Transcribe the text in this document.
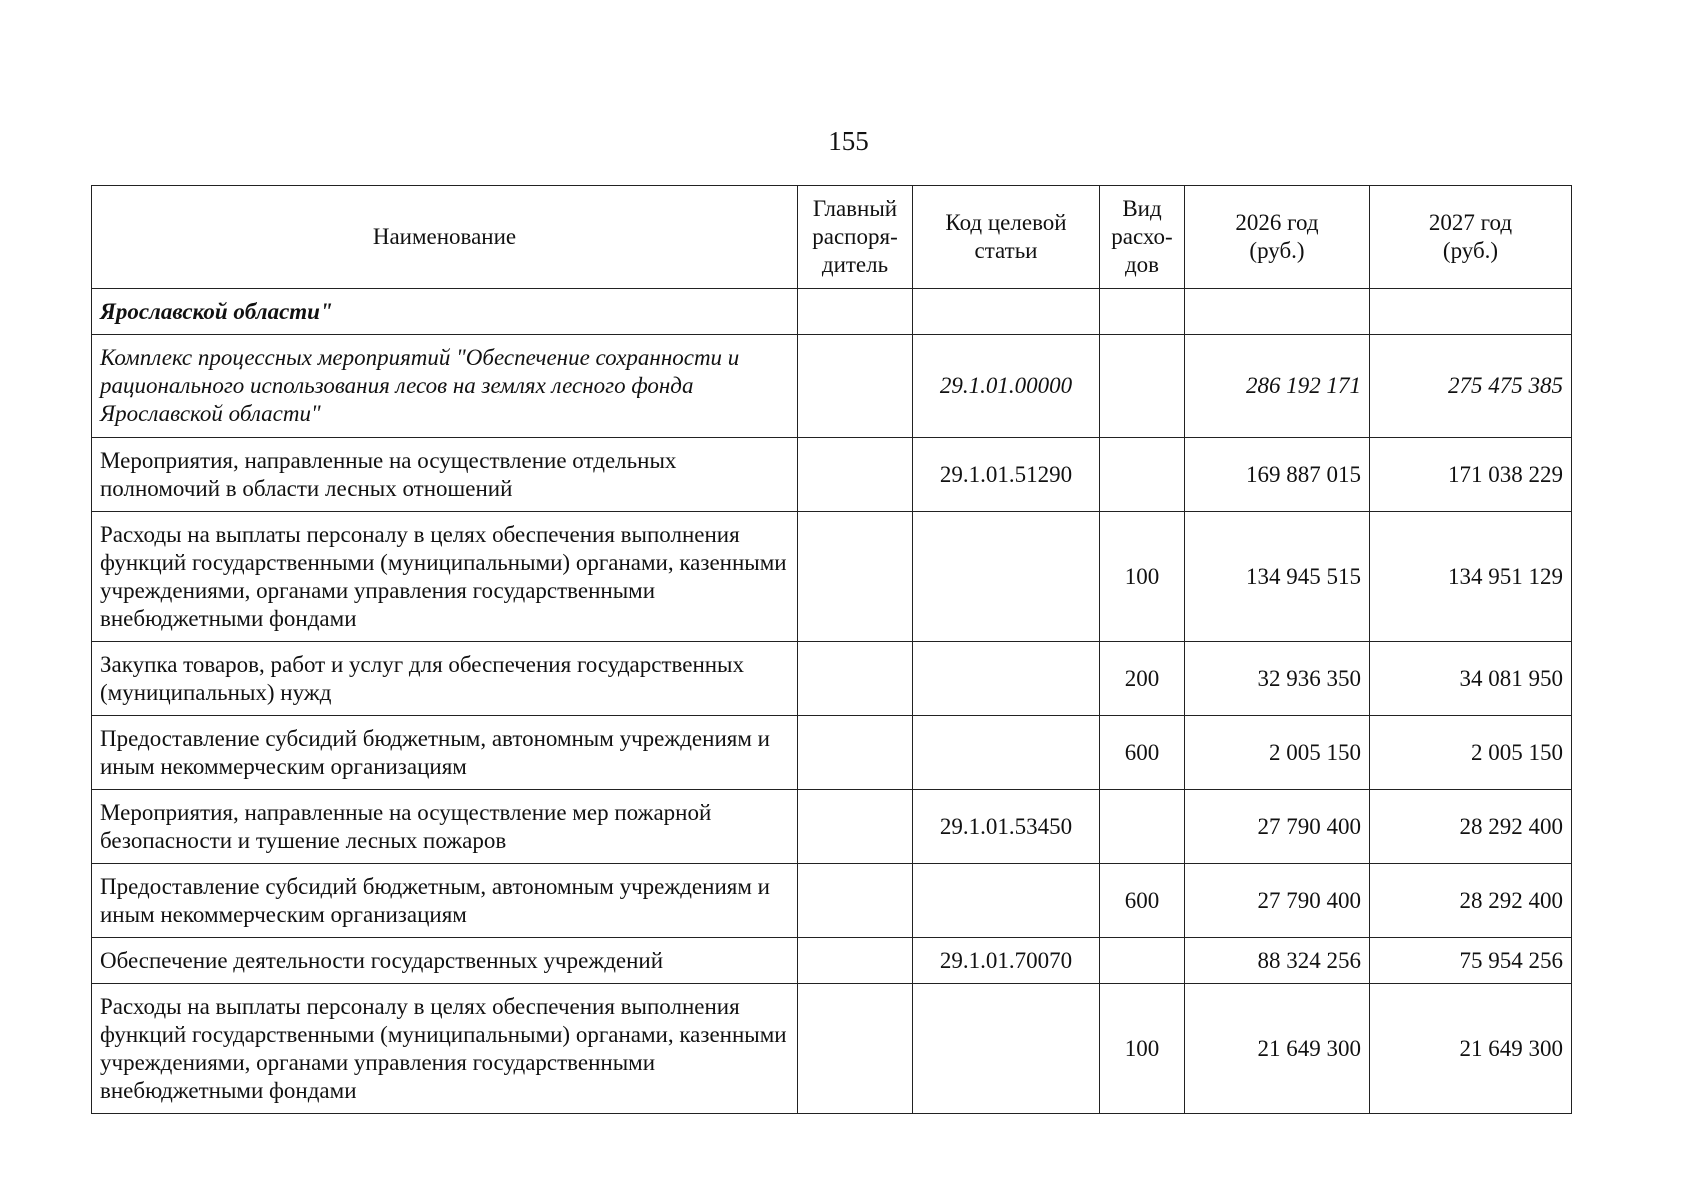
155
Наименование	Главный распоря-дитель	Код целевой статьи	Вид расхо-дов	2026 год (руб.)	2027 год (руб.)
Ярославской области"					
Комплекс процессных мероприятий "Обеспечение сохранности и рационального использования лесов на землях лесного фонда Ярославской области"		29.1.01.00000		286 192 171	275 475 385
Мероприятия, направленные на осуществление отдельных полномочий в области лесных отношений		29.1.01.51290		169 887 015	171 038 229
Расходы на выплаты персоналу в целях обеспечения выполнения функций государственными (муниципальными) органами, казенными учреждениями, органами управления государственными внебюджетными фондами			100	134 945 515	134 951 129
Закупка товаров, работ и услуг для обеспечения государственных (муниципальных) нужд			200	32 936 350	34 081 950
Предоставление субсидий бюджетным, автономным учреждениям и иным некоммерческим организациям			600	2 005 150	2 005 150
Мероприятия, направленные на осуществление мер пожарной безопасности и тушение лесных пожаров		29.1.01.53450		27 790 400	28 292 400
Предоставление субсидий бюджетным, автономным учреждениям и иным некоммерческим организациям			600	27 790 400	28 292 400
Обеспечение деятельности государственных учреждений		29.1.01.70070		88 324 256	75 954 256
Расходы на выплаты персоналу в целях обеспечения выполнения функций государственными (муниципальными) органами, казенными учреждениями, органами управления государственными внебюджетными фондами			100	21 649 300	21 649 300
